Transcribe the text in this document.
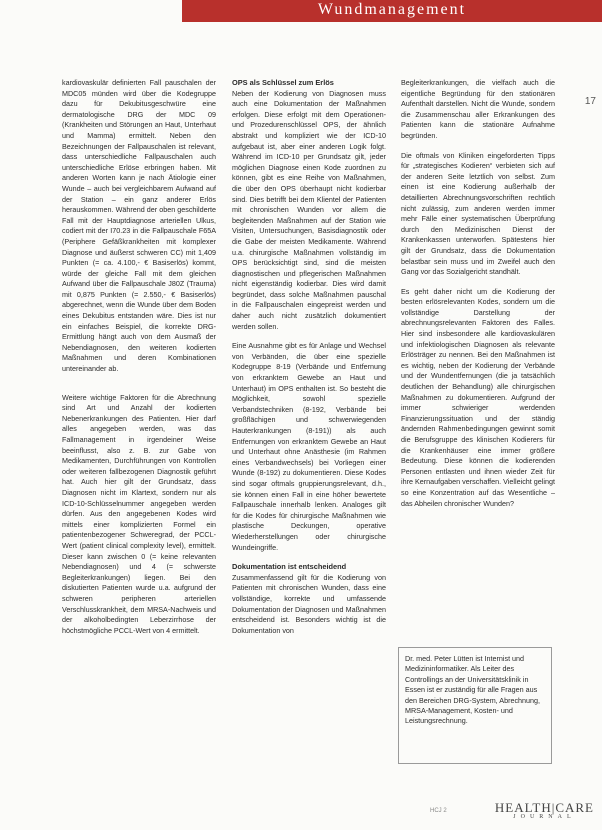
Wundmanagement
17

kardiovaskulär definierten Fall pauschalen der MDC05 münden wird über die Kodegruppe dazu für Dekubitusgeschwüre eine dermatologische DRG der MDC 09 (Krankheiten und Störungen an Haut, Unterhaut und Mamma) ermittelt. Neben den Bezeichnungen der Fallpauschalen ist relevant, dass unterschiedliche Fallpauschalen auch unterschiedliche Erlöse erbringen haben. Mit anderen Worten kann je nach Ätiologie einer Wunde – auch bei vergleichbarem Aufwand auf der Station – ein ganz anderer Erlös herauskommen. Während der oben geschilderte Fall mit der Hauptdiagnose arteriellen Ulkus, codiert mit der I70.23 in die Fallpauschale F65A (Periphere Gefäßkrankheiten mit komplexer Diagnose und äußerst schweren CC) mit 1,409 Punkten (= ca. 4.100,- € Basiserlös) kommt, würde der gleiche Fall mit dem gleichen Aufwand über die Fallpauschale J80Z (Trauma) mit 0,875 Punkten (= 2.550,- € Basiserlös) abgerechnet, wenn die Wunde über dem Boden eines Dekubitus entstanden wäre. Dies ist nur ein einfaches Beispiel, die korrekte DRG-Ermittlung hängt auch von dem Ausmaß der Nebendiagnosen, den weiteren kodierten Maßnahmen und deren Kombinationen untereinander ab.

Weitere wichtige Faktoren für die Abrechnung sind Art und Anzahl der kodierten Nebenerkrankungen des Patienten. Hier darf alles angegeben werden, was das Fallmanagement in irgendeiner Weise beeinflusst, also z. B. zur Gabe von Medikamenten, Durchführungen von Kontrollen oder weiteren fallbezogenen Diagnostik geführt hat. Auch hier gilt der Grundsatz, dass Diagnosen nicht im Klartext, sondern nur als ICD-10-Schlüsselnummer angegeben werden dürfen. Aus den angegebenen Kodes wird mittels einer komplizierten Formel ein patientenbezogener Schweregrad, der PCCL-Wert (patient clinical complexity level), ermittelt. Dieser kann zwischen 0 (= keine relevanten Nebendiagnosen) und 4 (= schwerste Begleiterkrankungen) liegen. Bei den diskutierten Patienten wurde u.a. aufgrund der schweren peripheren arteriellen Verschlusskrankheit, dem MRSA-Nachweis und der alkoholbedingten Leberzirrhose der höchstmögliche PCCL-Wert von 4 ermittelt.

OPS als Schlüssel zum Erlös

Neben der Kodierung von Diagnosen muss auch eine Dokumentation der Maßnahmen erfolgen. Diese erfolgt mit dem Operationen- und Prozedurenschlüssel OPS, der ähnlich abstrakt und kompliziert wie der ICD-10 aufgebaut ist, aber einer anderen Logik folgt. Während im ICD-10 per Grundsatz gilt, jeder möglichen Diagnose einen Kode zuordnen zu können, gibt es eine Reihe von Maßnahmen, die über den OPS überhaupt nicht kodierbar sind. Dies betrifft bei dem Klientel der Patienten mit chronischen Wunden vor allem die begleitenden Maßnahmen auf der Station wie Visiten, Untersuchungen, Basisdiagnostik oder die Gabe der meisten Medikamente. Während u.a. chirurgische Maßnahmen vollständig im OPS berücksichtigt sind, sind die meisten diagnostischen und pflegerischen Maßnahmen nicht eigenständig kodierbar. Dies wird damit begründet, dass solche Maßnahmen pauschal in die Fallpauschalen eingepreist werden und daher auch nicht zusätzlich dokumentiert werden sollen.

Eine Ausnahme gibt es für Anlage und Wechsel von Verbänden, die über eine spezielle Kodegruppe 8-19 (Verbände und Entfernung von erkranktem Gewebe an Haut und Unterhaut) im OPS enthalten ist. So besteht die Möglichkeit, sowohl spezielle Verbandstechniken (8-192, Verbände bei großflächigen und schwerwiegenden Hauterkrankungen (8-191)) als auch Entfernungen von erkranktem Gewebe an Haut und Unterhaut ohne Anästhesie (im Rahmen eines Verbandwechsels) bei Vorliegen einer Wunde (8-192) zu dokumentieren. Diese Kodes sind sogar oftmals gruppierungsrelevant, d.h., sie können einen Fall in eine höher bewertete Fallpauschale innerhalb lenken. Analoges gilt für die Kodes für chirurgische Maßnahmen wie plastische Deckungen, operative Wiederherstellungen oder chirurgische Wundeingriffe.

Dokumentation ist entscheidend

Zusammenfassend gilt für die Kodierung von Patienten mit chronischen Wunden, dass eine vollständige, korrekte und umfassende Dokumentation der Diagnosen und Maßnahmen entscheidend ist. Besonders wichtig ist die Dokumentation von

Begleiterkrankungen, die vielfach auch die eigentliche Begründung für den stationären Aufenthalt darstellen. Nicht die Wunde, sondern die Zusammenschau aller Erkrankungen des Patienten kann die stationäre Aufnahme begründen.

Die oftmals von Kliniken eingeforderten Tipps für „strategisches Kodieren“ verbieten sich auf der anderen Seite letztlich von selbst. Zum einen ist eine Kodierung außerhalb der detaillierten Abrechnungsvorschriften rechtlich nicht zulässig, zum anderen werden immer mehr Fälle einer systematischen Überprüfung durch den Medizinischen Dienst der Krankenkassen unterworfen. Spätestens hier gilt der Grundsatz, dass die Dokumentation belastbar sein muss und im Zweifel auch den Gang vor das Sozialgericht standhält.

Es geht daher nicht um die Kodierung der besten erlösrelevanten Kodes, sondern um die vollständige Darstellung der abrechnungsrelevanten Faktoren des Falles. Hier sind insbesondere alle kardiovaskulären und infektiologischen Diagnosen als relevante Erlösträger zu nennen. Bei den Maßnahmen ist es wichtig, neben der Kodierung der Verbände und der Wundentfernungen (die ja tatsächlich deutlichen der Behandlung) alle chirurgischen Maßnahmen zu dokumentieren. Aufgrund der immer schwieriger werdenden Finanzierungssituation und der ständig ändernden Rahmenbedingungen gewinnt somit die Berufsgruppe des klinischen Kodierers für die Krankenhäuser eine immer größere Bedeutung. Diese können die kodierenden Personen entlasten und ihnen wieder Zeit für ihre Kernaufgaben verschaffen. Vielleicht gelingt so eine Konzentration auf das Wesentliche – das Abheilen chronischer Wunden?

Dr. med. Peter Lütten ist Internist und Medizininformatiker. Als Leiter des Controllings an der Universitätsklinik in Essen ist er zuständig für alle Fragen aus den Bereichen DRG-System, Abrechnung, MRSA-Management, Kosten- und Leistungsrechnung.
HCJ 2	HEALTH|CARE
JOURNAL
